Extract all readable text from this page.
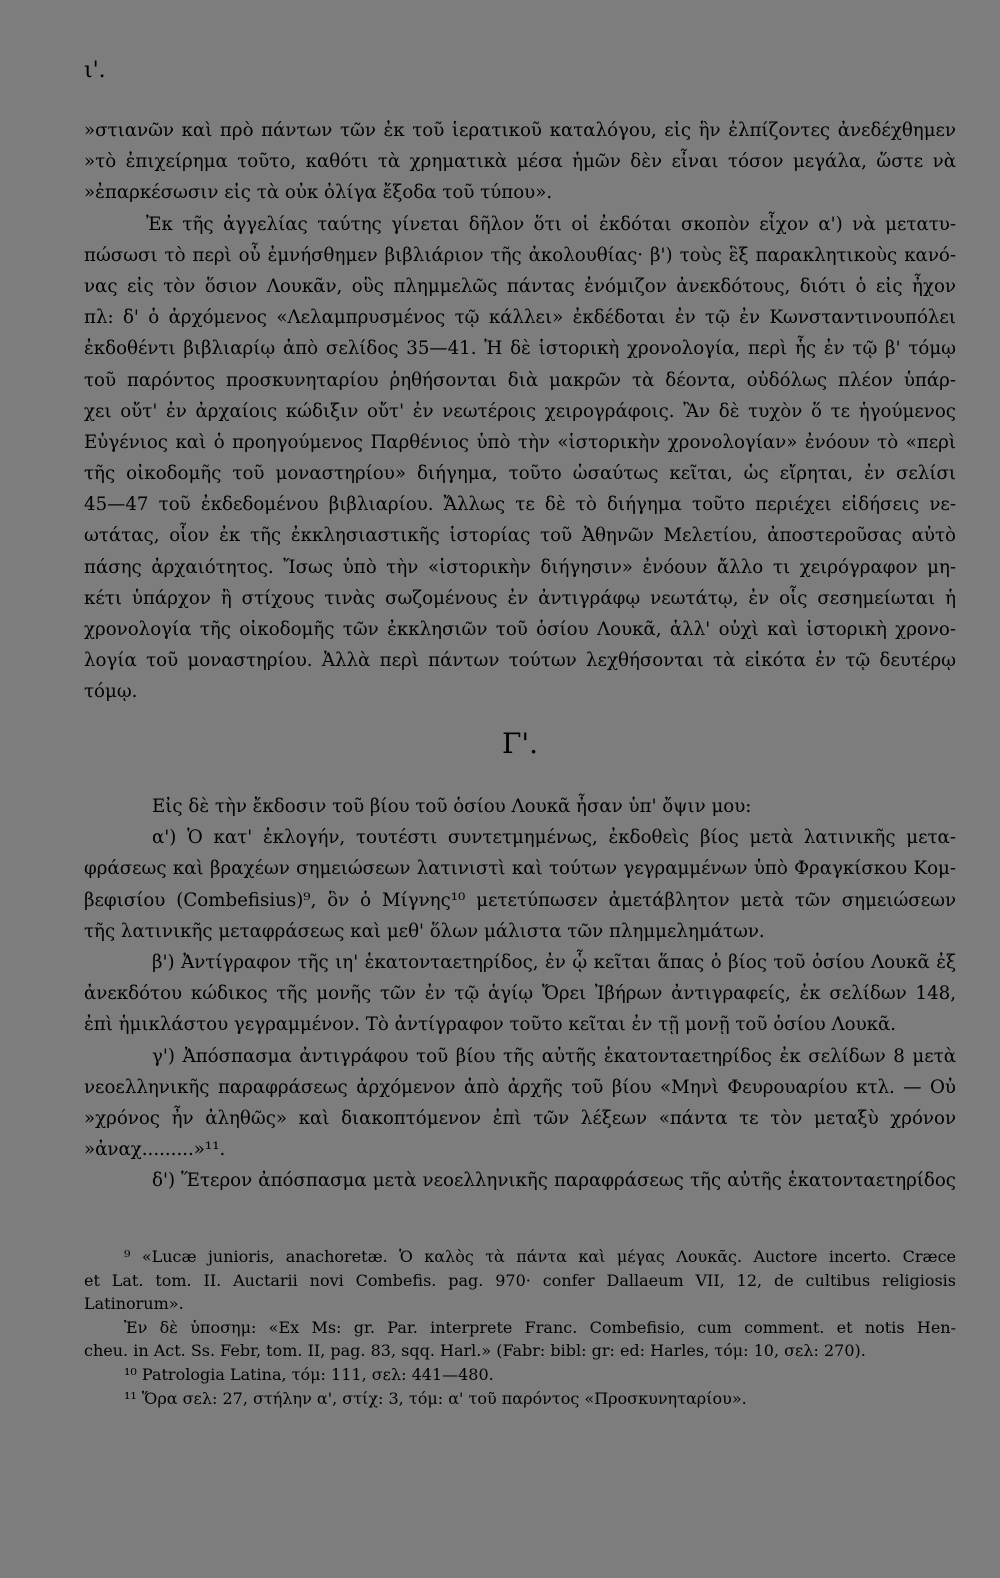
ι'.
»στιανῶν καὶ πρὸ πάντων τῶν ἐκ τοῦ ἱερατικοῦ καταλόγου, εἰς ἣν ἐλπίζοντες ἀνεδέχθημεν
»τὸ ἐπιχείρημα τοῦτο, καθότι τὰ χρηματικὰ μέσα ἡμῶν δὲν εἶναι τόσον μεγάλα, ὥστε νὰ
»ἐπαρκέσωσιν εἰς τὰ οὐκ ὀλίγα ἔξοδα τοῦ τύπου».
Ἐκ τῆς ἀγγελίας ταύτης γίνεται δῆλον ὅτι οἱ ἐκδόται σκοπὸν εἶχον α') νὰ μετατυ-
πώσωσι τὸ περὶ οὗ ἐμνήσθημεν βιβλιάριον τῆς ἀκολουθίας· β') τοὺς ἓξ παρακλητικοὺς κανό-
νας εἰς τὸν ὅσιον Λουκᾶν, οὓς πλημμελῶς πάντας ἐνόμιζον ἀνεκδότους, διότι ὁ εἰς ἦχον
πλ: δ' ὁ ἀρχόμενος «Λελαμπρυσμένος τῷ κάλλει» ἐκδέδοται ἐν τῷ ἐν Κωνσταντινουπόλει
ἐκδοθέντι βιβλιαρίῳ ἀπὸ σελίδος 35—41. Ἡ δὲ ἱστορικὴ χρονολογία, περὶ ἧς ἐν τῷ β' τόμῳ
τοῦ παρόντος προσκυνηταρίου ῥηθήσονται διὰ μακρῶν τὰ δέοντα, οὐδόλως πλέον ὑπάρ-
χει οὔτ' ἐν ἀρχαίοις κώδιξιν οὔτ' ἐν νεωτέροις χειρογράφοις. Ἂν δὲ τυχὸν ὅ τε ἡγούμενος
Εὐγένιος καὶ ὁ προηγούμενος Παρθένιος ὑπὸ τὴν «ἱστορικὴν χρονολογίαν» ἐνόουν τὸ «περὶ
τῆς οἰκοδομῆς τοῦ μοναστηρίου» διήγημα, τοῦτο ὡσαύτως κεῖται, ὡς εἴρηται, ἐν σελίσι
45—47 τοῦ ἐκδεδομένου βιβλιαρίου. Ἄλλως τε δὲ τὸ διήγημα τοῦτο περιέχει εἰδήσεις νε-
ωτάτας, οἷον ἐκ τῆς ἐκκλησιαστικῆς ἱστορίας τοῦ Ἀθηνῶν Μελετίου, ἀποστεροῦσας αὐτὸ
πάσης ἀρχαιότητος. Ἴσως ὑπὸ τὴν «ἱστορικὴν διήγησιν» ἐνόουν ἄλλο τι χειρόγραφον μη-
κέτι ὑπάρχον ἢ στίχους τινὰς σωζομένους ἐν ἀντιγράφῳ νεωτάτῳ, ἐν οἷς σεσημείωται ἡ
χρονολογία τῆς οἰκοδομῆς τῶν ἐκκλησιῶν τοῦ ὁσίου Λουκᾶ, ἀλλ' οὐχὶ καὶ ἱστορικὴ χρονο-
λογία τοῦ μοναστηρίου. Ἀλλὰ περὶ πάντων τούτων λεχθήσονται τὰ εἰκότα ἐν τῷ δευτέρῳ
τόμῳ.
Γ'.
Εἰς δὲ τὴν ἔκδοσιν τοῦ βίου τοῦ ὁσίου Λουκᾶ ἦσαν ὑπ' ὄψιν μου:
α') Ὁ κατ' ἐκλογήν, τουτέστι συντετμημένως, ἐκδοθεὶς βίος μετὰ λατινικῆς μετα-
φράσεως καὶ βραχέων σημειώσεων λατινιστὶ καὶ τούτων γεγραμμένων ὑπὸ Φραγκίσκου Κομ-
βεφισίου (Combefisius)⁹, ὃν ὁ Μίγνης¹⁰ μετετύπωσεν ἀμετάβλητον μετὰ τῶν σημειώσεων
τῆς λατινικῆς μεταφράσεως καὶ μεθ' ὅλων μάλιστα τῶν πλημμελημάτων.
β') Ἀντίγραφον τῆς ιη' ἑκατονταετηρίδος, ἐν ᾧ κεῖται ἅπας ὁ βίος τοῦ ὁσίου Λουκᾶ ἐξ
ἀνεκδότου κώδικος τῆς μονῆς τῶν ἐν τῷ ἁγίῳ Ὄρει Ἰβήρων ἀντιγραφείς, ἐκ σελίδων 148,
ἐπὶ ἡμικλάστου γεγραμμένον. Τὸ ἀντίγραφον τοῦτο κεῖται ἐν τῇ μονῇ τοῦ ὁσίου Λουκᾶ.
γ') Ἀπόσπασμα ἀντιγράφου τοῦ βίου τῆς αὐτῆς ἑκατονταετηρίδος ἐκ σελίδων 8 μετὰ
νεοελληνικῆς παραφράσεως ἀρχόμενον ἀπὸ ἀρχῆς τοῦ βίου «Μηνὶ Φευρουαρίου κτλ. — Οὐ
»χρόνος ἦν ἀληθῶς» καὶ διακοπτόμενον ἐπὶ τῶν λέξεων «πάντα τε τὸν μεταξὺ χρόνον
»ἀναχ.........»¹¹.
δ') Ἕτερον ἀπόσπασμα μετὰ νεοελληνικῆς παραφράσεως τῆς αὐτῆς ἑκατονταετηρίδος
⁹ «Lucæ junioris, anachoretæ. Ὁ καλὸς τὰ πάντα καὶ μέγας Λουκᾶς. Auctore incerto. Cræce
et Lat. tom. II. Auctarii novi Combefis. pag. 970· confer Dallaeum VII, 12, de cultibus religiosis
Latinorum».
Ἐν δὲ ὑποσημ: «Ex Ms: gr. Par. interprete Franc. Combefisio, cum comment. et notis Hen-
cheu. in Act. Ss. Febr, tom. II, pag. 83, sqq. Harl.» (Fabr: bibl: gr: ed: Harles, τόμ: 10, σελ: 270).
¹⁰ Patrologia Latina, τόμ: 111, σελ: 441—480.
¹¹ Ὅρα σελ: 27, στήλην α', στίχ: 3, τόμ: α' τοῦ παρόντος «Προσκυνηταρίου».
